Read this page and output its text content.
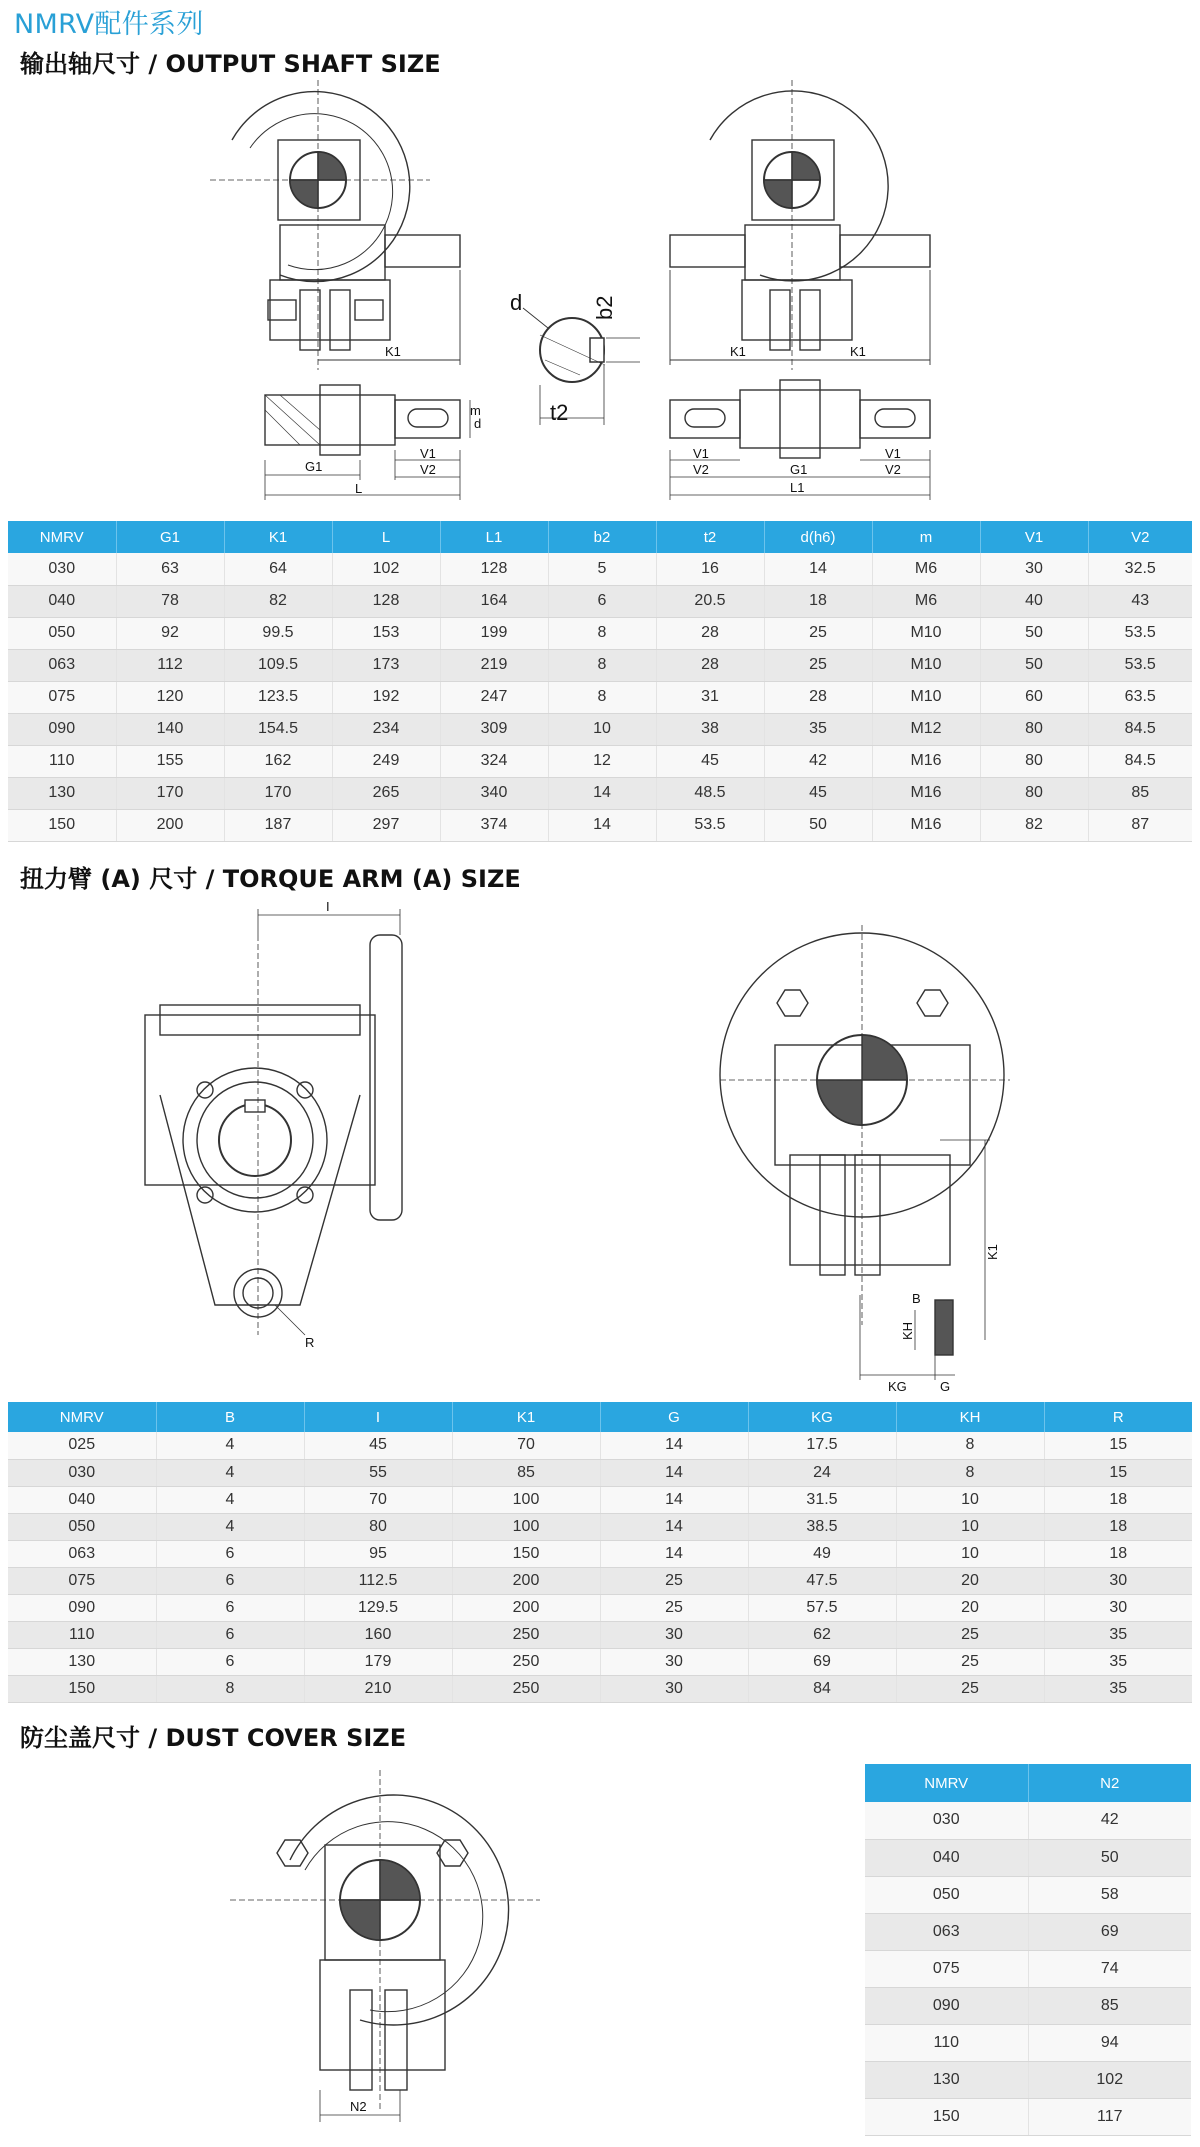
NMRV配件系列
输出轴尺寸 / OUTPUT SHAFT SIZE
K1
m
d
V1
G1	V2
L
d	b2
t2
K1	K1
V1	V1
V2	G1	V2
L1
NMRV	G1	K1	L	L1	b2	t2	d(h6)	m	V1	V2
030	63	64	102	128	5	16	14	M6	30	32.5
040	78	82	128	164	6	20.5	18	M6	40	43
050	92	99.5	153	199	8	28	25	M10	50	53.5
063	112	109.5	173	219	8	28	25	M10	50	53.5
075	120	123.5	192	247	8	31	28	M10	60	63.5
090	140	154.5	234	309	10	38	35	M12	80	84.5
110	155	162	249	324	12	45	42	M16	80	84.5
130	170	170	265	340	14	48.5	45	M16	80	85
150	200	187	297	374	14	53.5	50	M16	82	87
扭力臂 (A) 尺寸 / TORQUE ARM (A) SIZE
I
R
K1
B
KH
KG	G
NMRV	B	I	K1	G	KG	KH	R
025	4	45	70	14	17.5	8	15
030	4	55	85	14	24	8	15
040	4	70	100	14	31.5	10	18
050	4	80	100	14	38.5	10	18
063	6	95	150	14	49	10	18
075	6	112.5	200	25	47.5	20	30
090	6	129.5	200	25	57.5	20	30
110	6	160	250	30	62	25	35
130	6	179	250	30	69	25	35
150	8	210	250	30	84	25	35
防尘盖尺寸 / DUST COVER SIZE
N2
NMRV	N2
030	42
040	50
050	58
063	69
075	74
090	85
110	94
130	102
150	117
